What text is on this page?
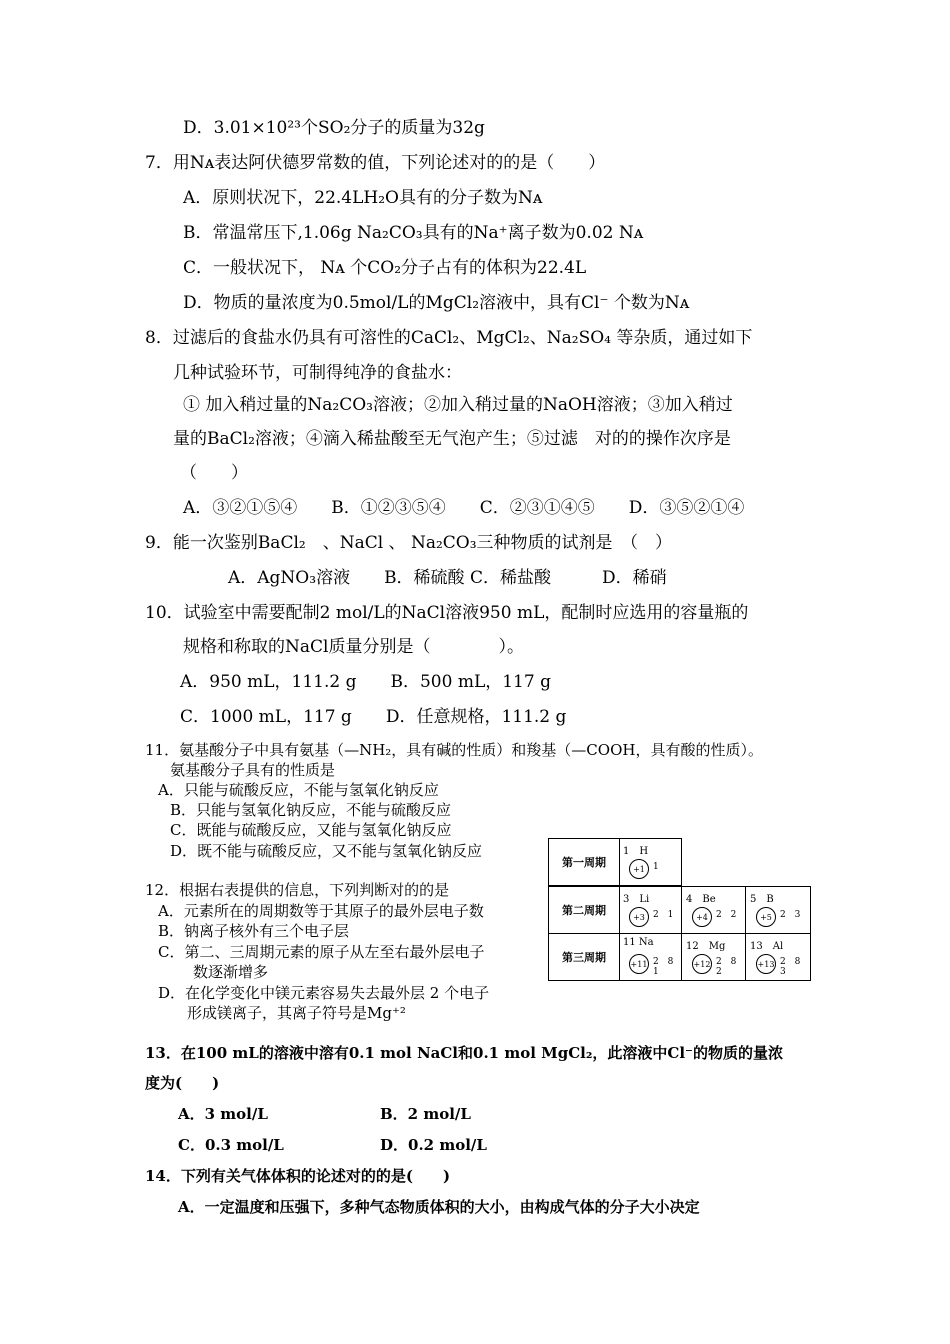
D．3.01×10²³个SO₂分子的质量为32g
7．用Nᴀ表达阿伏德罗常数的值，下列论述对的的是（　　）
A．原则状况下，22.4LH₂O具有的分子数为Nᴀ
B．常温常压下,1.06g Na₂CO₃具有的Na⁺离子数为0.02 Nᴀ
C．一般状况下， Nᴀ 个CO₂分子占有的体积为22.4L
D．物质的量浓度为0.5mol/L的MgCl₂溶液中，具有Cl⁻ 个数为Nᴀ
8．过滤后的食盐水仍具有可溶性的CaCl₂、MgCl₂、Na₂SO₄ 等杂质，通过如下
几种试验环节，可制得纯净的食盐水：
① 加入稍过量的Na₂CO₃溶液；②加入稍过量的NaOH溶液；③加入稍过
量的BaCl₂溶液；④滴入稀盐酸至无气泡产生；⑤过滤　对的的操作次序是
（　　）
A．③②①⑤④　　B．①②③⑤④　　C．②③①④⑤　　D．③⑤②①④
9．能一次鉴别BaCl₂　、NaCl 、 Na₂CO₃三种物质的试剂是　（　）
A．AgNO₃溶液　　B．稀硫酸 C．稀盐酸　　　D．稀硝
10．试验室中需要配制2 mol/L的NaCl溶液950 mL，配制时应选用的容量瓶的
规格和称取的NaCl质量分别是（　　　　）。
A．950 mL，111.2 g　　B．500 mL，117 g
C．1000 mL，117 g　　D．任意规格，111.2 g
11．氨基酸分子中具有氨基（—NH₂，具有碱的性质）和羧基（—COOH，具有酸的性质）。
氨基酸分子具有的性质是
A．只能与硫酸反应，不能与氢氧化钠反应
B．只能与氢氧化钠反应，不能与硫酸反应
C．既能与硫酸反应，又能与氢氧化钠反应
D．既不能与硫酸反应，又不能与氢氧化钠反应
12．根据右表提供的信息，下列判断对的的是
A．元素所在的周期数等于其原子的最外层电子数
B．钠离子核外有三个电子层
C．第二、三周期元素的原子从左至右最外层电子
数逐渐增多
D．在化学变化中镁元素容易失去最外层 2 个电子
形成镁离子，其离子符号是Mg⁺²
第一周期
1　H
+1 1
第二周期
3　Li
+3 2 1
4　Be
+4 2 2
5　B
+5 2 3
第三周期
11 Na
+11 2 8 1
12　Mg
+12 2 8 2
13　Al
+13 2 8 3
13．在100 mL的溶液中溶有0.1 mol NaCl和0.1 mol MgCl₂，此溶液中Cl⁻的物质的量浓
度为(　　)
A．3 mol/L	B．2 mol/L
C．0.3 mol/L	D．0.2 mol/L
14．下列有关气体体积的论述对的的是(　　)
A．一定温度和压强下，多种气态物质体积的大小，由构成气体的分子大小决定
